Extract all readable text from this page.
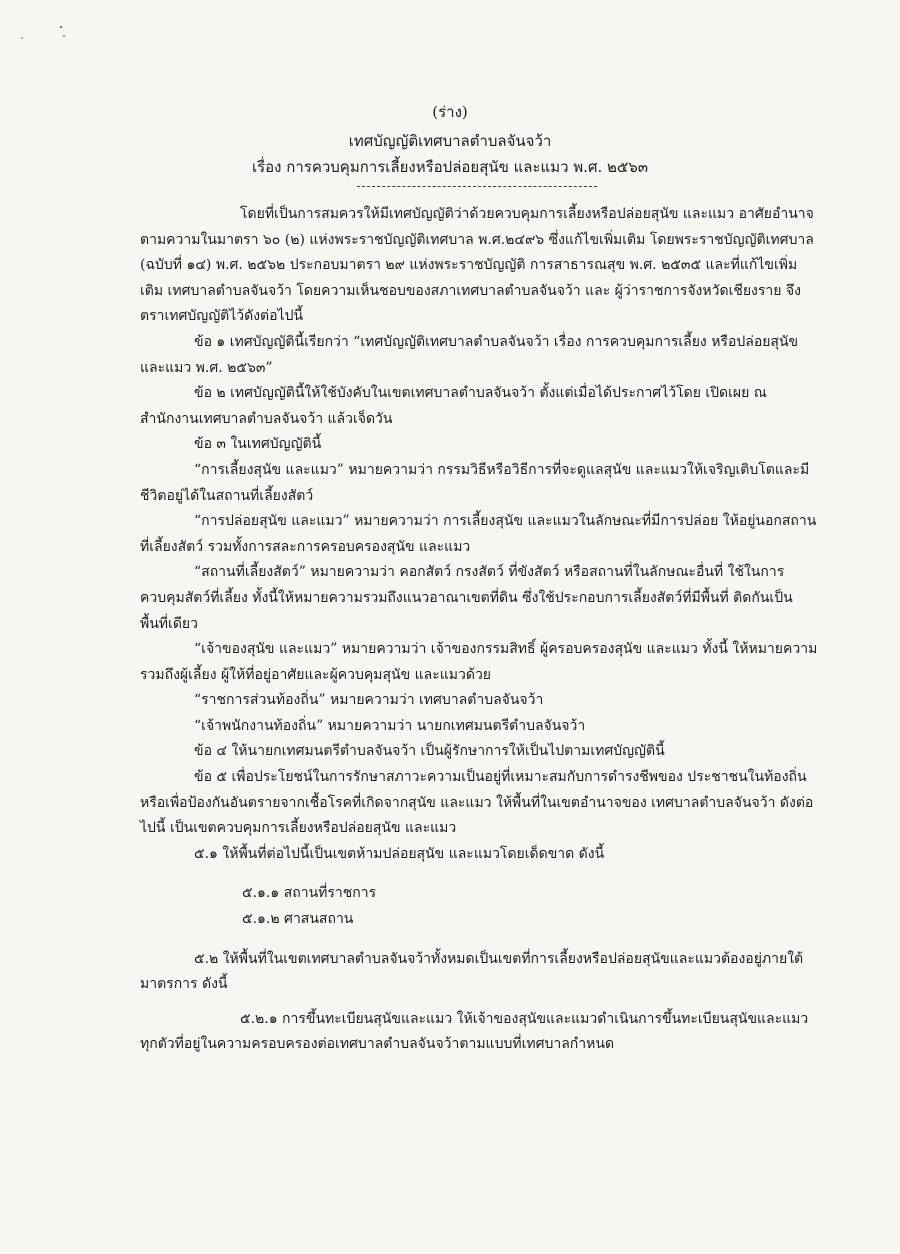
(ร่าง)
เทศบัญญัติเทศบาลตำบลจันจว้า
เรื่อง การควบคุมการเลี้ยงหรือปล่อยสุนัข และแมว พ.ศ. ๒๕๖๓

โดยที่เป็นการสมควรให้มีเทศบัญญัติว่าด้วยควบคุมการเลี้ยงหรือปล่อยสุนัข และแมว อาศัยอำนาจตามความในมาตรา ๖๐ (๒) แห่งพระราชบัญญัติเทศบาล พ.ศ.๒๔๙๖ ซึ่งแก้ไขเพิ่มเติม โดยพระราชบัญญัติเทศบาล (ฉบับที่ ๑๔) พ.ศ. ๒๕๖๒ ประกอบมาตรา ๒๙ แห่งพระราชบัญญัติ การสาธารณสุข พ.ศ. ๒๕๓๕ และที่แก้ไขเพิ่มเติม เทศบาลตำบลจันจว้า โดยความเห็นชอบของสภาเทศบาลตำบลจันจว้า และ ผู้ว่าราชการจังหวัดเชียงราย จึงตราเทศบัญญัติไว้ดังต่อไปนี้

ข้อ ๑ เทศบัญญัตินี้เรียกว่า “เทศบัญญัติเทศบาลตำบลจันจว้า เรื่อง การควบคุมการเลี้ยง หรือปล่อยสุนัขและแมว พ.ศ. ๒๕๖๓”

ข้อ ๒ เทศบัญญัตินี้ให้ใช้บังคับในเขตเทศบาลตำบลจันจว้า ตั้งแต่เมื่อได้ประกาศไว้โดย เปิดเผย ณ สำนักงานเทศบาลตำบลจันจว้า แล้วเจ็ดวัน

ข้อ ๓ ในเทศบัญญัตินี้

“การเลี้ยงสุนัข และแมว” หมายความว่า กรรมวิธีหรือวิธีการที่จะดูแลสุนัข และแมวให้เจริญเติบโตและมีชีวิตอยู่ได้ในสถานที่เลี้ยงสัตว์

“การปล่อยสุนัข และแมว” หมายความว่า การเลี้ยงสุนัข และแมวในลักษณะที่มีการปล่อย ให้อยู่นอกสถานที่เลี้ยงสัตว์ รวมทั้งการสละการครอบครองสุนัข และแมว

“สถานที่เลี้ยงสัตว์” หมายความว่า คอกสัตว์ กรงสัตว์ ที่ขังสัตว์ หรือสถานที่ในลักษณะอื่นที่ ใช้ในการควบคุมสัตว์ที่เลี้ยง ทั้งนี้ให้หมายความรวมถึงแนวอาณาเขตที่ดิน ซึ่งใช้ประกอบการเลี้ยงสัตว์ที่มีพื้นที่ ติดกันเป็นพื้นที่เดียว

“เจ้าของสุนัข และแมว” หมายความว่า เจ้าของกรรมสิทธิ์ ผู้ครอบครองสุนัข และแมว ทั้งนี้ ให้หมายความรวมถึงผู้เลี้ยง ผู้ให้ที่อยู่อาศัยและผู้ควบคุมสุนัข และแมวด้วย

“ราชการส่วนท้องถิ่น” หมายความว่า เทศบาลตำบลจันจว้า

“เจ้าพนักงานท้องถิ่น” หมายความว่า นายกเทศมนตรีตำบลจันจว้า

ข้อ ๔ ให้นายกเทศมนตรีตำบลจันจว้า เป็นผู้รักษาการให้เป็นไปตามเทศบัญญัตินี้

ข้อ ๕ เพื่อประโยชน์ในการรักษาสภาวะความเป็นอยู่ที่เหมาะสมกับการดำรงชีพของ ประชาชนในท้องถิ่น หรือเพื่อป้องกันอันตรายจากเชื้อโรคที่เกิดจากสุนัข และแมว ให้พื้นที่ในเขตอำนาจของ เทศบาลตำบลจันจว้า ดังต่อไปนี้ เป็นเขตควบคุมการเลี้ยงหรือปล่อยสุนัข และแมว

๕.๑ ให้พื้นที่ต่อไปนี้เป็นเขตห้ามปล่อยสุนัข และแมวโดยเด็ดขาด ดังนี้

๕.๑.๑ สถานที่ราชการ

๕.๑.๒ ศาสนสถาน

๕.๒ ให้พื้นที่ในเขตเทศบาลตำบลจันจว้าทั้งหมดเป็นเขตที่การเลี้ยงหรือปล่อยสุนัขและแมวต้องอยู่ภายใต้มาตรการ ดังนี้

๕.๒.๑ การขึ้นทะเบียนสุนัขและแมว ให้เจ้าของสุนัขและแมวดำเนินการขึ้นทะเบียนสุนัขและแมวทุกตัวที่อยู่ในความครอบครองต่อเทศบาลตำบลจันจว้าตามแบบที่เทศบาลกำหนด
